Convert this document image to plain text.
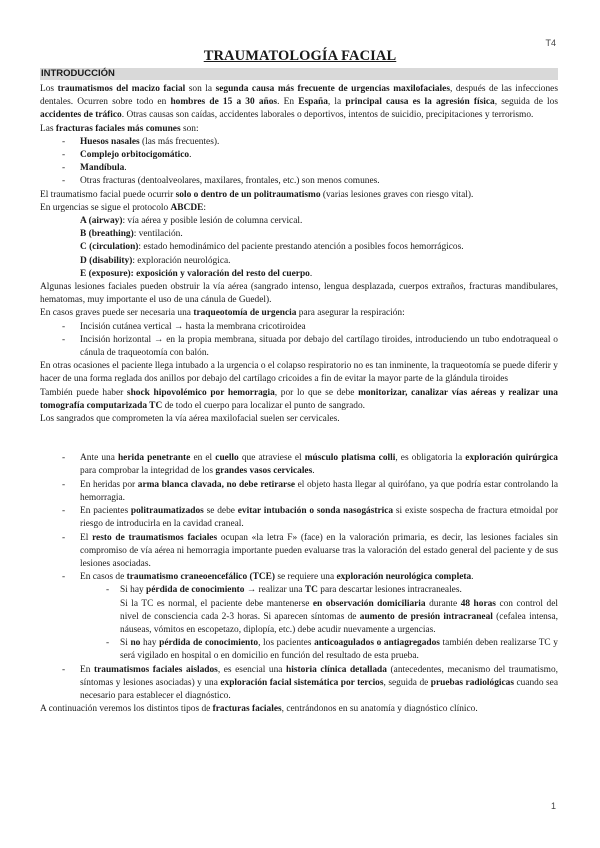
T4
TRAUMATOLOGÍA FACIAL
INTRODUCCIÓN

Los traumatismos del macizo facial son la segunda causa más frecuente de urgencias maxilofaciales, después de las infecciones dentales. Ocurren sobre todo en hombres de 15 a 30 años. En España, la principal causa es la agresión física, seguida de los accidentes de tráfico. Otras causas son caídas, accidentes laborales o deportivos, intentos de suicidio, precipitaciones y terrorismo.

Las fracturas faciales más comunes son:

- Huesos nasales (las más frecuentes).
- Complejo orbitocigomático.
- Mandíbula.
- Otras fracturas (dentoalveolares, maxilares, frontales, etc.) son menos comunes.

El traumatismo facial puede ocurrir solo o dentro de un politraumatismo (varias lesiones graves con riesgo vital).

En urgencias se sigue el protocolo ABCDE:

A (airway): vía aérea y posible lesión de columna cervical.
B (breathing): ventilación.
C (circulation): estado hemodinámico del paciente prestando atención a posibles focos hemorrágicos.
D (disability): exploración neurológica.
E (exposure): exposición y valoración del resto del cuerpo.

Algunas lesiones faciales pueden obstruir la vía aérea (sangrado intenso, lengua desplazada, cuerpos extraños, fracturas mandibulares, hematomas, muy importante el uso de una cánula de Guedel).

En casos graves puede ser necesaria una traqueotomía de urgencia para asegurar la respiración:

- Incisión cutánea vertical → hasta la membrana cricotiroidea
- Incisión horizontal → en la propia membrana, situada por debajo del cartílago tiroides, introduciendo un tubo endotraqueal o cánula de traqueotomía con balón.

En otras ocasiones el paciente llega intubado a la urgencia o el colapso respiratorio no es tan inminente, la traqueotomía se puede diferir y hacer de una forma reglada dos anillos por debajo del cartílago cricoides a fin de evitar la mayor parte de la glándula tiroides

También puede haber shock hipovolémico por hemorragia, por lo que se debe monitorizar, canalizar vías aéreas y realizar una tomografía computarizada TC de todo el cuerpo para localizar el punto de sangrado.

Los sangrados que comprometen la vía aérea maxilofacial suelen ser cervicales.

- Ante una herida penetrante en el cuello que atraviese el músculo platisma colli, es obligatoria la exploración quirúrgica para comprobar la integridad de los grandes vasos cervicales.
- En heridas por arma blanca clavada, no debe retirarse el objeto hasta llegar al quirófano, ya que podría estar controlando la hemorragia.
- En pacientes politraumatizados se debe evitar intubación o sonda nasogástrica si existe sospecha de fractura etmoidal por riesgo de introducirla en la cavidad craneal.
- El resto de traumatismos faciales ocupan «la letra F» (face) en la valoración primaria, es decir, las lesiones faciales sin compromiso de vía aérea ni hemorragia importante pueden evaluarse tras la valoración del estado general del paciente y de sus lesiones asociadas.
- En casos de traumatismo craneoencefálico (TCE) se requiere una exploración neurológica completa.
- Si hay pérdida de conocimiento → realizar una TC para descartar lesiones intracraneales.
Si la TC es normal, el paciente debe mantenerse en observación domiciliaria durante 48 horas con control del nivel de consciencia cada 2-3 horas. Si aparecen síntomas de aumento de presión intracraneal (cefalea intensa, náuseas, vómitos en escopetazo, diplopía, etc.) debe acudir nuevamente a urgencias.
- Si no hay pérdida de conocimiento, los pacientes anticoagulados o antiagregados también deben realizarse TC y será vigilado en hospital o en domicilio en función del resultado de esta prueba.
- En traumatismos faciales aislados, es esencial una historia clínica detallada (antecedentes, mecanismo del traumatismo, síntomas y lesiones asociadas) y una exploración facial sistemática por tercios, seguida de pruebas radiológicas cuando sea necesario para establecer el diagnóstico.

A continuación veremos los distintos tipos de fracturas faciales, centrándonos en su anatomía y diagnóstico clínico.

1
